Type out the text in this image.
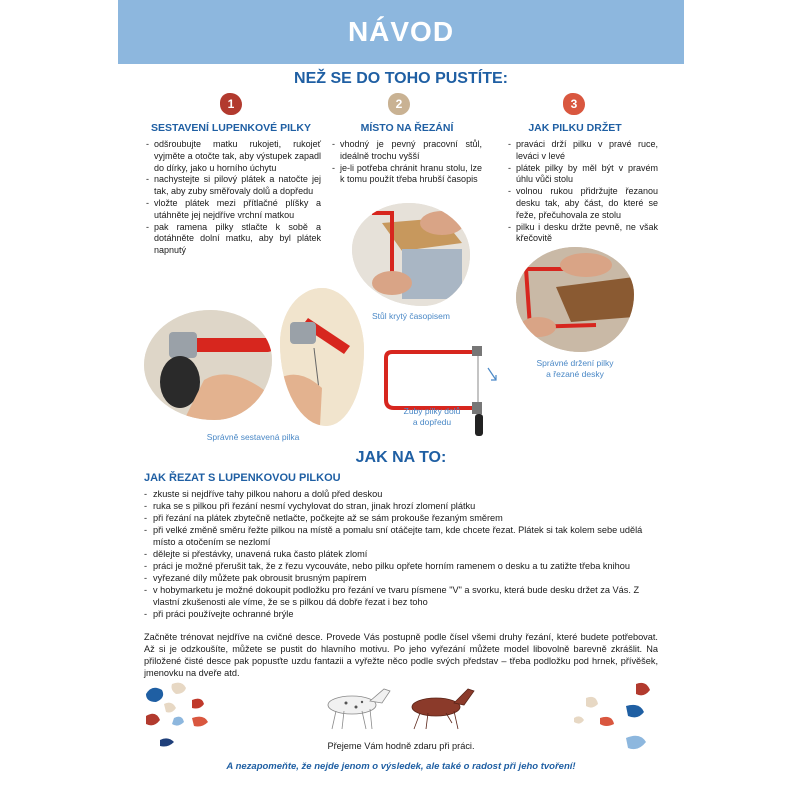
NÁVOD
NEŽ SE DO TOHO PUSTÍTE:
1	2	3
SESTAVENÍ LUPENKOVÉ PILKY	MÍSTO NA ŘEZÁNÍ	JAK PILKU DRŽET
- odšroubujte matku rukojeti, rukojeť vyjměte a otočte tak, aby výstupek zapadl do dírky, jako u horního úchytu
- nachystejte si pilový plátek a natočte jej tak, aby zuby směřovaly dolů a dopředu
- vložte plátek mezi přítlačné plíšky a utáhněte jej nejdříve vrchní matkou
- pak ramena pilky stlačte k sobě a dotáhněte dolní matku, aby byl plátek napnutý
- vhodný je pevný pracovní stůl, ideálně trochu vyšší
- je-li potřeba chránit hranu stolu, lze k tomu použít třeba hrubší časopis
- praváci drží pilku v pravé ruce, leváci v levé
- plátek pilky by měl být v pravém úhlu vůči stolu
- volnou rukou přidržujte řezanou desku tak, aby část, do které se řeže, přečuhovala ze stolu
- pilku i desku držte pevně, ne však křečovitě
Správně sestavená pilka
Stůl krytý časopisem
Zuby pilky dolů
a dopředu
Správné držení pilky
a řezané desky
JAK NA TO:
JAK ŘEZAT S LUPENKOVOU PILKOU
- zkuste si nejdříve tahy pilkou nahoru a dolů před deskou
- ruka se s pilkou při řezání nesmí vychylovat do stran, jinak hrozí zlomení plátku
- při řezání na plátek zbytečně netlačte, počkejte až se sám prokouše řezaným směrem
- při velké změně směru řežte pilkou na místě a pomalu sní otáčejte tam, kde chcete řezat. Plátek si tak kolem sebe udělá místo a otočením se nezlomí
- dělejte si přestávky, unavená ruka často plátek zlomí
- práci je možné přerušit tak, že z řezu vycouváte, nebo pilku opřete horním ramenem o desku a tu zatižte třeba knihou
- vyřezané díly můžete pak obrousit brusným papírem
- v hobymarketu je možné dokoupit podložku pro řezání ve tvaru písmene "V" a svorku, která bude desku držet za Vás. Z vlastní zkušenosti ale víme, že se s pilkou dá dobře řezat i bez toho
- při práci používejte ochranné brýle

Začněte trénovat nejdříve na cvičné desce. Provede Vás postupně podle čísel všemi druhy řezání, které budete potřebovat. Až si je odzkoušíte, můžete se pustit do hlavního motivu. Po jeho vyřezání můžete model libovolně barevně zkrášlit. Na přiložené čisté desce pak popusťte uzdu fantazii a vyřežte něco podle svých představ – třeba podložku pod hrnek, přívěšek, jmenovku na dveře atd.

Přejeme Vám hodně zdaru při práci.
A nezapomeňte, že nejde jenom o výsledek, ale také o radost při jeho tvoření!
